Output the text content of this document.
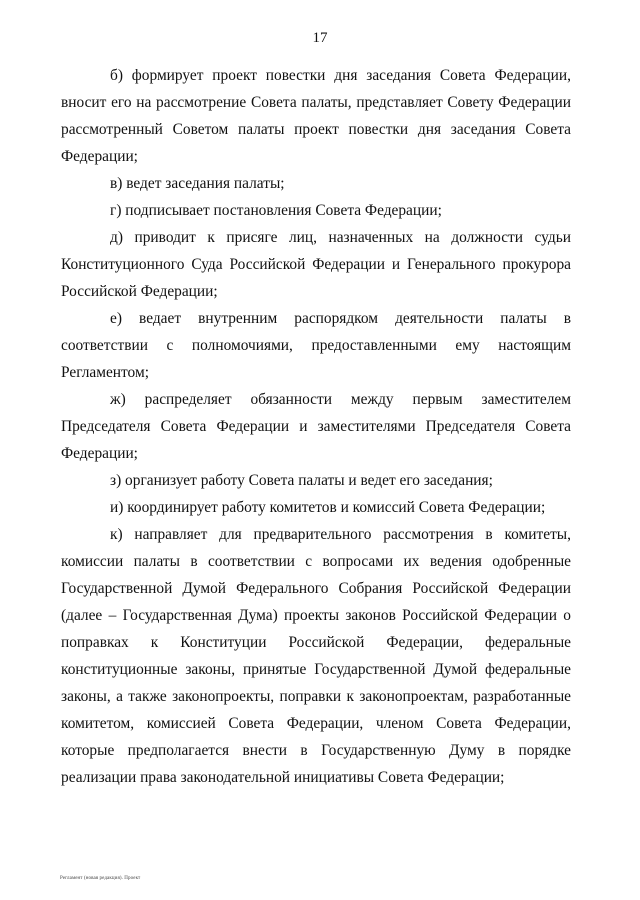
17

б) формирует проект повестки дня заседания Совета Федерации, вносит его на рассмотрение Совета палаты, представляет Совету Федерации рассмотренный Советом палаты проект повестки дня заседания Совета Федерации;

в) ведет заседания палаты;

г) подписывает постановления Совета Федерации;

д) приводит к присяге лиц, назначенных на должности судьи Конституционного Суда Российской Федерации и Генерального прокурора Российской Федерации;

е) ведает внутренним распорядком деятельности палаты в соответствии с полномочиями, предоставленными ему настоящим Регламентом;

ж) распределяет обязанности между первым заместителем Председателя Совета Федерации и заместителями Председателя Совета Федерации;

з) организует работу Совета палаты и ведет его заседания;

и) координирует работу комитетов и комиссий Совета Федерации;

к) направляет для предварительного рассмотрения в комитеты, комиссии палаты в соответствии с вопросами их ведения одобренные Государственной Думой Федерального Собрания Российской Федерации (далее – Государственная Дума) проекты законов Российской Федерации о поправках к Конституции Российской Федерации, федеральные конституционные законы, принятые Государственной Думой федеральные законы, а также законопроекты, поправки к законопроектам, разработанные комитетом, комиссией Совета Федерации, членом Совета Федерации, которые предполагается внести в Государственную Думу в порядке реализации права законодательной инициативы Совета Федерации;

Регламент (новая редакция). Проект
